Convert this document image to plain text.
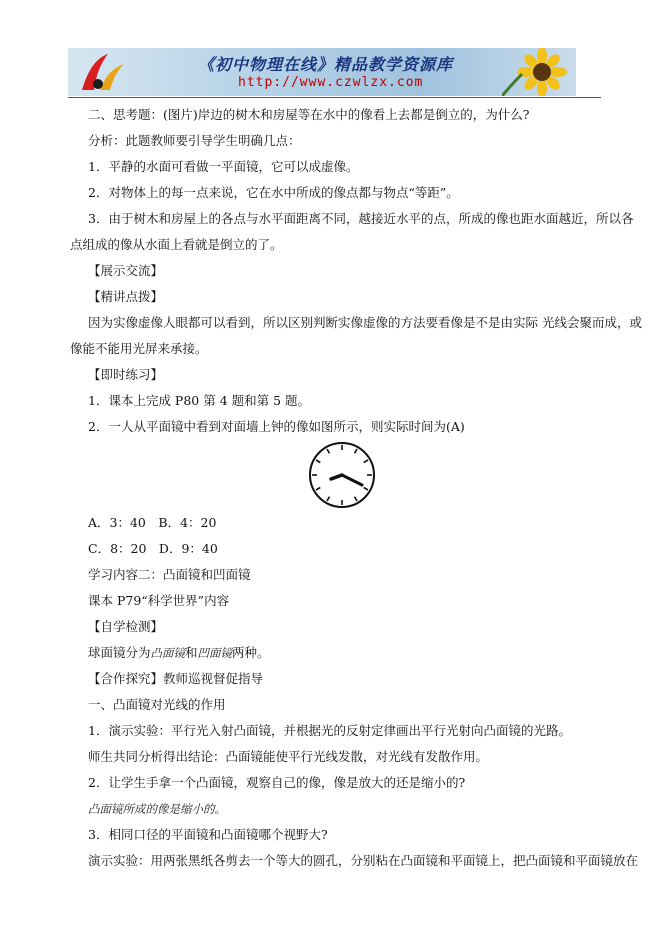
《初中物理在线》精品教学资源库
http://www.czwlzx.com
二、思考题：(图片)岸边的树木和房屋等在水中的像看上去都是倒立的，为什么?
分析：此题教师要引导学生明确几点：
1．平静的水面可看做一平面镜，它可以成虚像。
2．对物体上的每一点来说，它在水中所成的像点都与物点“等距”。
3．由于树木和房屋上的各点与水平面距离不同，越接近水平的点，所成的像也距水面越近，所以各
点组成的像从水面上看就是倒立的了。
【展示交流】
【精讲点拨】
因为实像虚像人眼都可以看到，所以区别判断实像虚像的方法要看像是不是由实际 光线会聚而成，或
像能不能用光屏来承接。
【即时练习】
1．课本上完成 P80 第 4 题和第 5 题。
2．一人从平面镜中看到对面墙上钟的像如图所示，则实际时间为(A)
A．3：40　B．4：20
C．8：20　D．9：40
学习内容二：凸面镜和凹面镜
课本 P79“科学世界”内容
【自学检测】
球面镜分为凸面镜和凹面镜两种。
【合作探究】教师巡视督促指导
一、凸面镜对光线的作用
1．演示实验：平行光入射凸面镜，并根据光的反射定律画出平行光射向凸面镜的光路。
师生共同分析得出结论：凸面镜能使平行光线发散，对光线有发散作用。
2．让学生手拿一个凸面镜，观察自己的像，像是放大的还是缩小的?
凸面镜所成的像是缩小的。
3．相同口径的平面镜和凸面镜哪个视野大?
演示实验：用两张黑纸各剪去一个等大的圆孔，分别粘在凸面镜和平面镜上，把凸面镜和平面镜放在
